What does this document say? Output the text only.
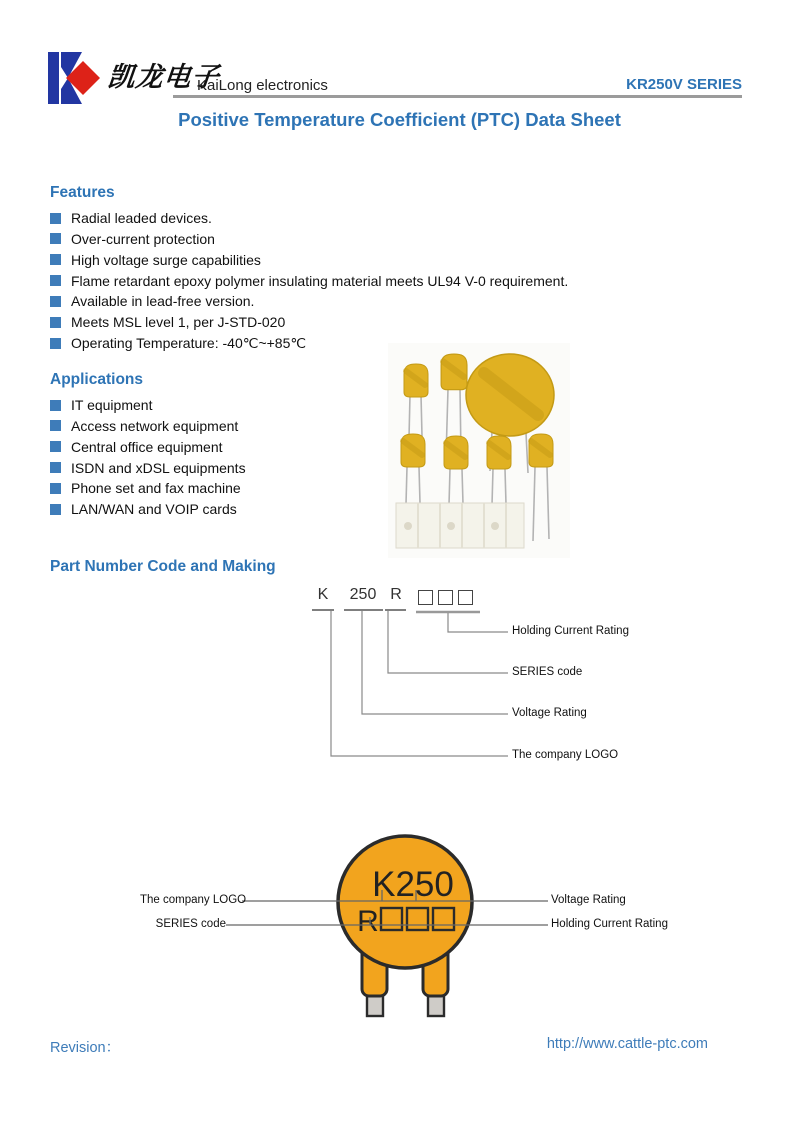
凯龙电子
KaiLong electronics	KR250V SERIES
Positive Temperature Coefficient (PTC) Data Sheet
Features
Radial leaded devices.
Over-current protection
High voltage surge capabilities
Flame retardant epoxy polymer insulating material meets UL94 V-0 requirement.
Available in lead-free version.
Meets MSL level 1, per J-STD-020
Operating Temperature: -40℃~+85℃
Applications
IT equipment
Access network equipment
Central office equipment
ISDN and xDSL equipments
Phone set and fax machine
LAN/WAN and VOIP cards
Part Number Code and Making
K	250 R
Holding Current Rating
SERIES code
Voltage Rating
The company LOGO
K250
R
The company LOGO
SERIES code
Voltage Rating
Holding Current Rating
Revision：	http://www.cattle-ptc.com
